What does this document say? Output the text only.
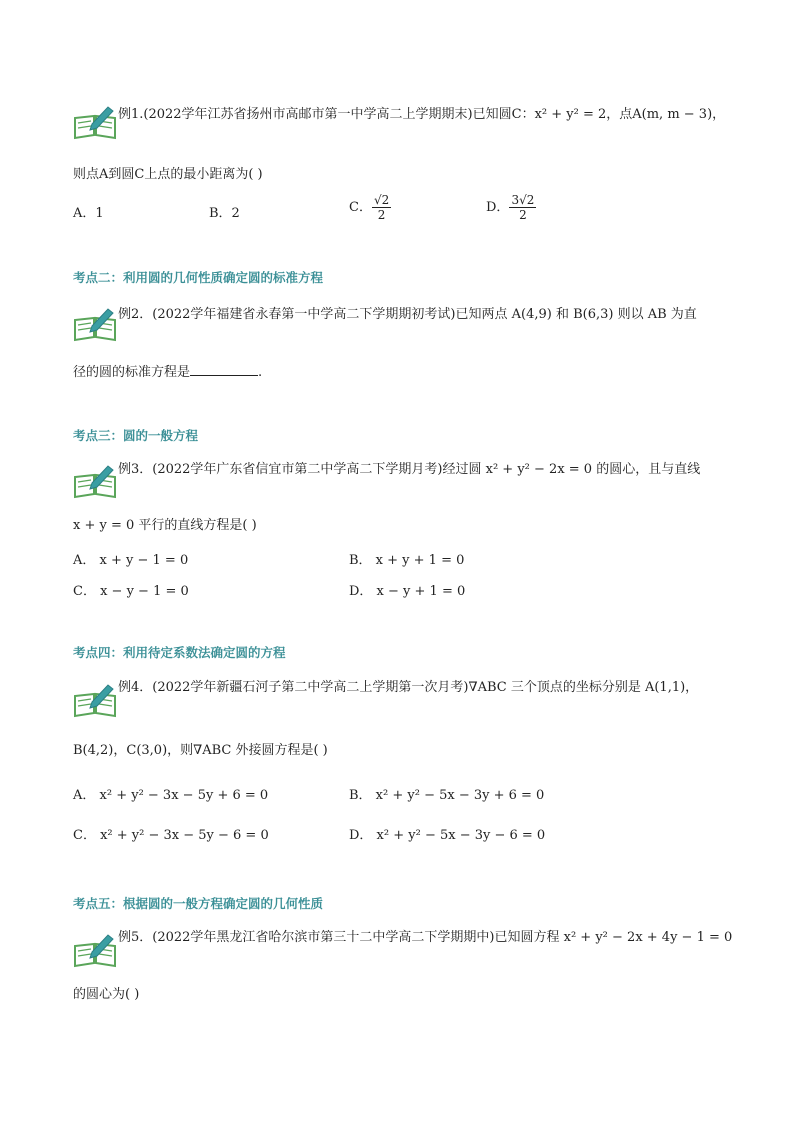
例1.(2022学年江苏省扬州市高邮市第一中学高二上学期期末)已知圆C：x² + y² = 2，点A(m, m − 3)，
则点A到圆C上点的最小距离为( )
A．1	B．2	C． $\frac{√2}{2}$	D． $\frac{3√2}{2}$
考点二：利用圆的几何性质确定圆的标准方程
例2．(2022学年福建省永春第一中学高二下学期期初考试)已知两点 A(4,9) 和 B(6,3) 则以 AB 为直
径的圆的标准方程是	.
考点三：圆的一般方程
例3．(2022学年广东省信宜市第二中学高二下学期月考)经过圆 x² + y² − 2x = 0 的圆心，且与直线
x + y = 0 平行的直线方程是( )
A． x + y − 1 = 0	B． x + y + 1 = 0
C． x − y − 1 = 0	D． x − y + 1 = 0
考点四：利用待定系数法确定圆的方程
例4．(2022学年新疆石河子第二中学高二上学期第一次月考)∇ABC 三个顶点的坐标分别是 A(1,1)，
B(4,2)，C(3,0)，则∇ABC 外接圆方程是( )
A． x² + y² − 3x − 5y + 6 = 0	B． x² + y² − 5x − 3y + 6 = 0
C． x² + y² − 3x − 5y − 6 = 0	D． x² + y² − 5x − 3y − 6 = 0
考点五：根据圆的一般方程确定圆的几何性质
例5．(2022学年黑龙江省哈尔滨市第三十二中学高二下学期期中)已知圆方程 x² + y² − 2x + 4y − 1 = 0
的圆心为( )
